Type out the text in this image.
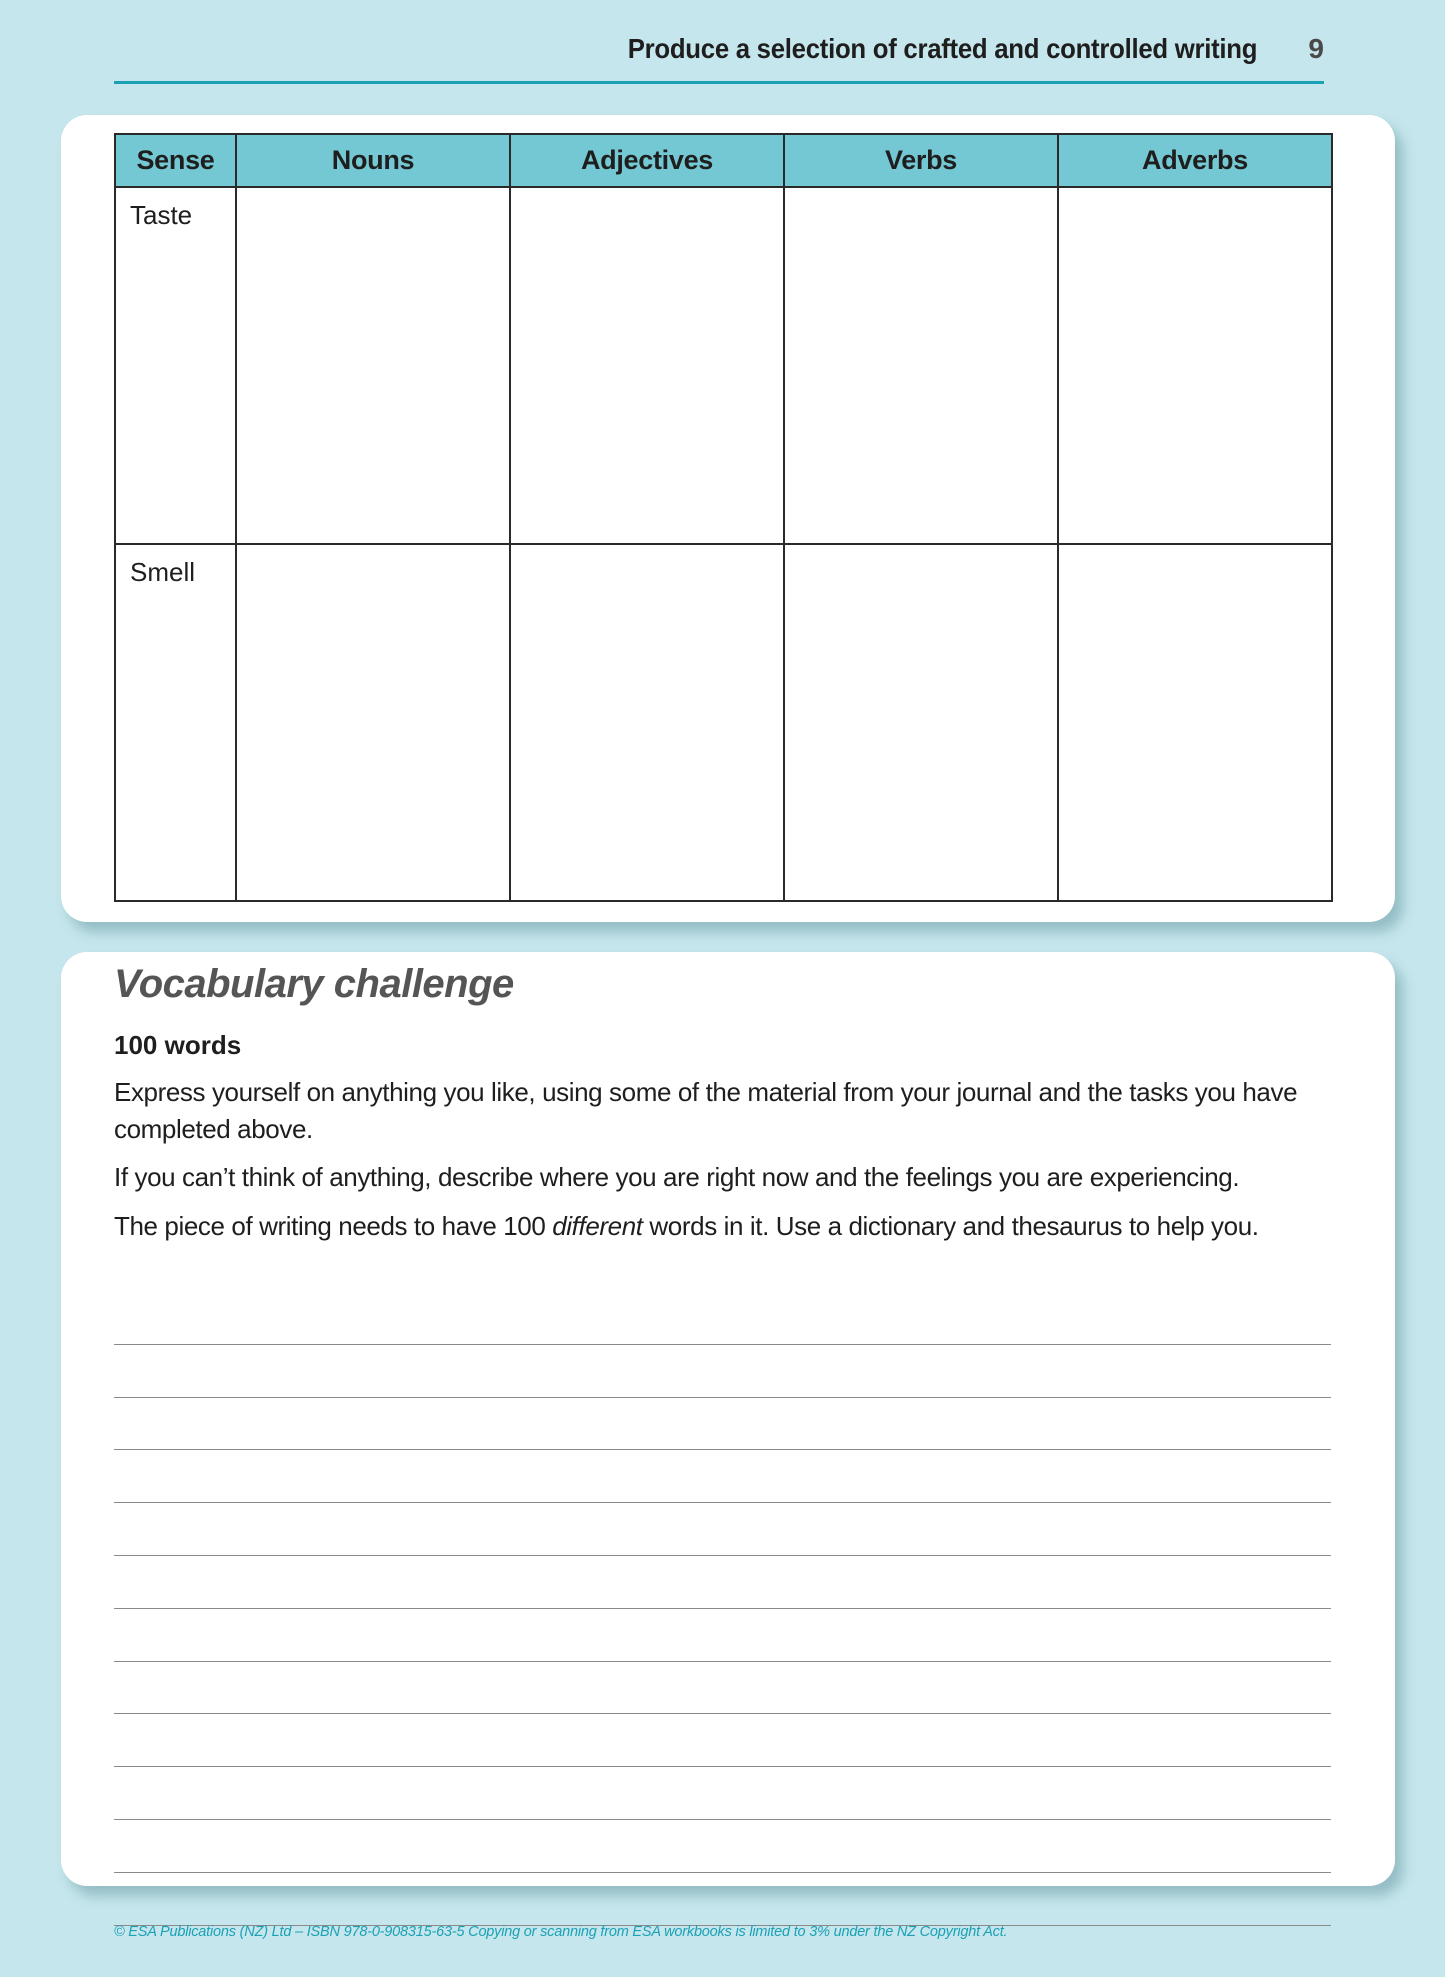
Produce a selection of crafted and controlled writing 9
Sense	Nouns	Adjectives	Verbs	Adverbs
Taste				
Smell				
Vocabulary challenge
100 words
Express yourself on anything you like, using some of the material from your journal and the tasks you have completed above.
If you can’t think of anything, describe where you are right now and the feelings you are experiencing.
The piece of writing needs to have 100 different words in it. Use a dictionary and thesaurus to help you.
© ESA Publications (NZ) Ltd – ISBN 978-0-908315-63-5 Copying or scanning from ESA workbooks is limited to 3% under the NZ Copyright Act.
